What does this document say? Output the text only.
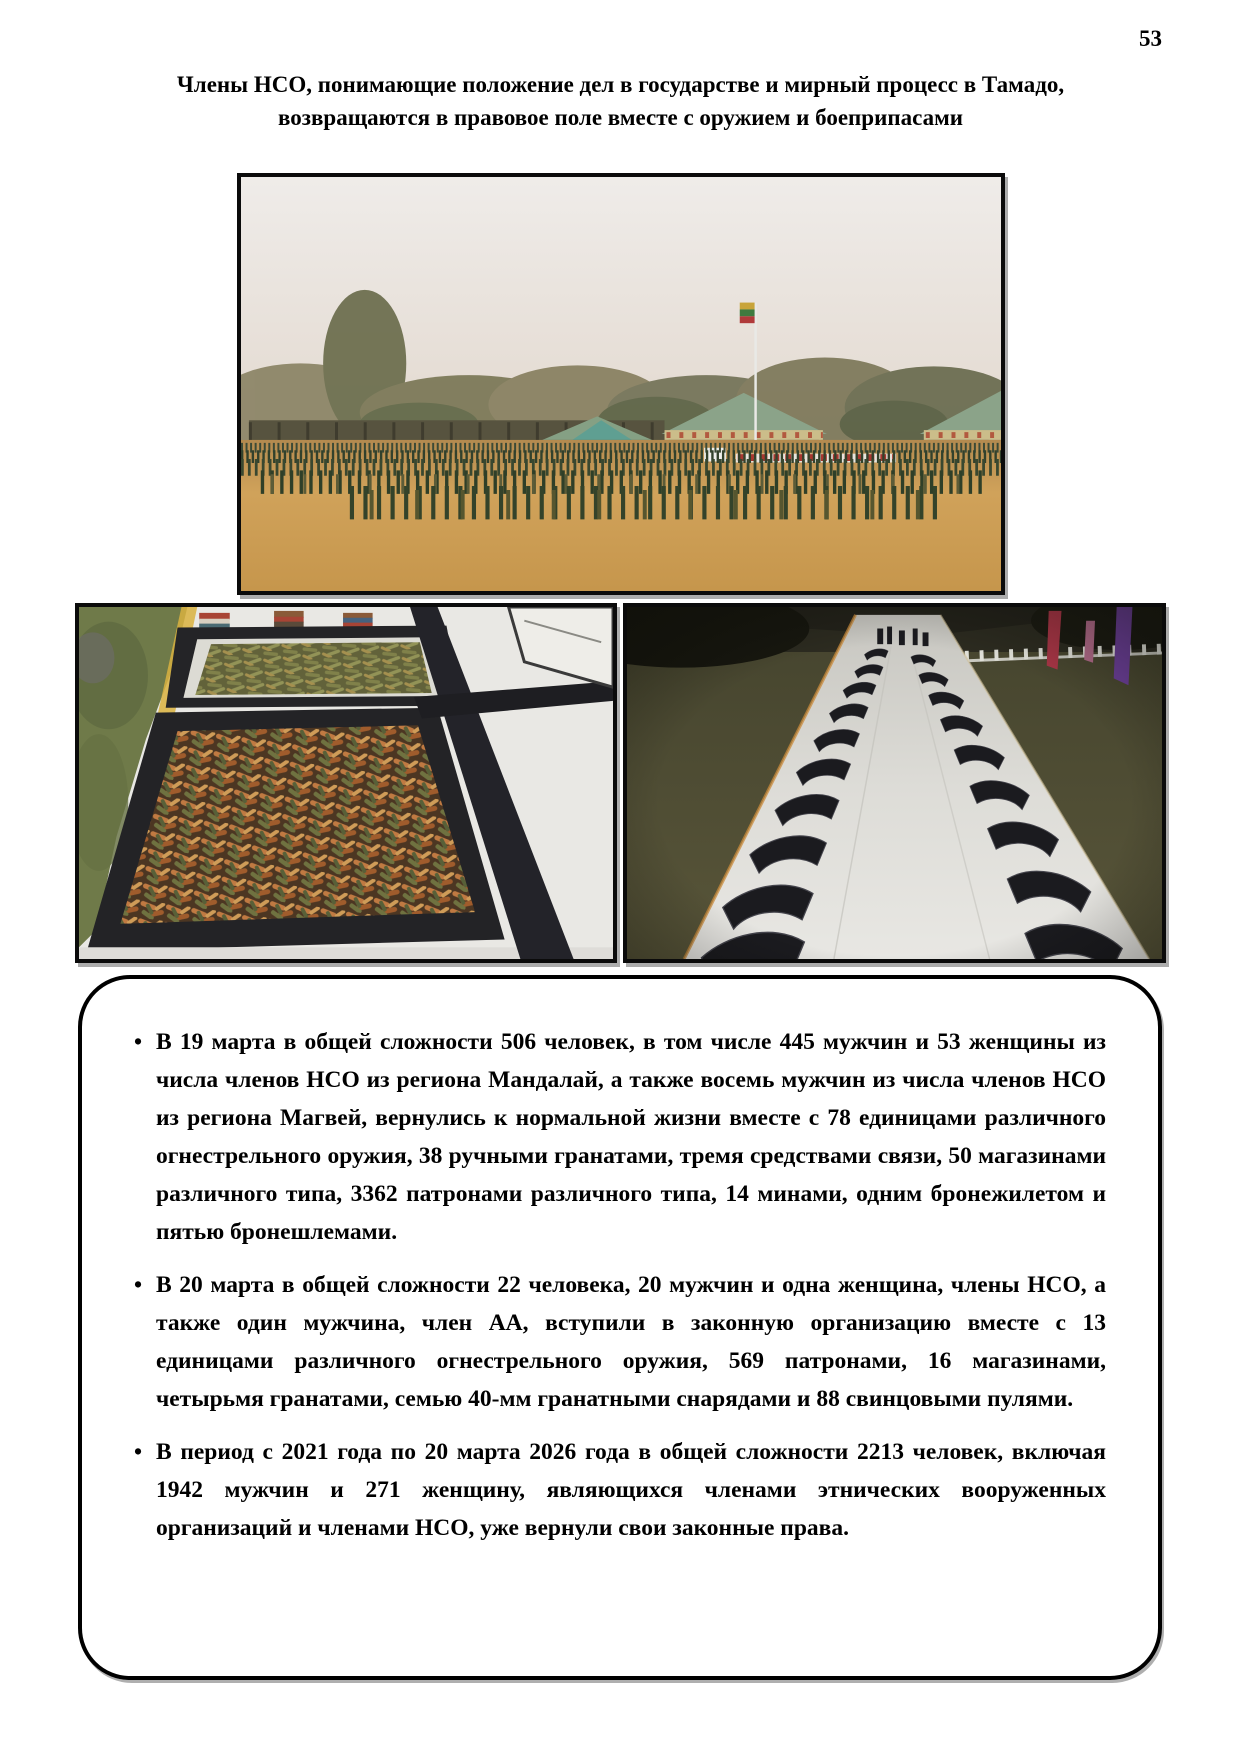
53
Члены НСО, понимающие положение дел в государстве и мирный процесс в Тамадо,
возвращаются в правовое поле вместе с оружием и боеприпасами
• В 19 марта в общей сложности 506 человек, в том числе 445 мужчин и 53 женщины из числа членов НСО из региона Мандалай, а также восемь мужчин из числа членов НСО из региона Магвей, вернулись к нормальной жизни вместе с 78 единицами различного огнестрельного оружия, 38 ручными гранатами, тремя средствами связи, 50 магазинами различного типа, 3362 патронами различного типа, 14 минами, одним бронежилетом и пятью бронешлемами.
• В 20 марта в общей сложности 22 человека, 20 мужчин и одна женщина, члены НСО, а также один мужчина, член АА, вступили в законную организацию вместе с 13 единицами различного огнестрельного оружия, 569 патронами, 16 магазинами, четырьмя гранатами, семью 40-мм гранатными снарядами и 88 свинцовыми пулями.
• В период с 2021 года по 20 марта 2026 года в общей сложности 2213 человек, включая 1942 мужчин и 271 женщину, являющихся членами этнических вооруженных организаций и членами НСО, уже вернули свои законные права.
